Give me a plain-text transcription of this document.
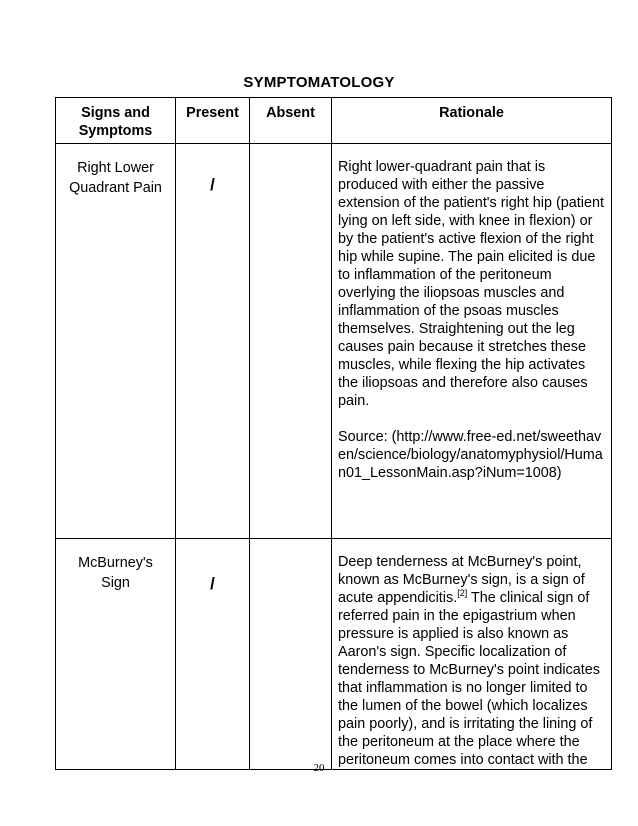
SYMPTOMATOLOGY
Signs and Symptoms	Present	Absent	Rationale
Right Lower Quadrant Pain	/		Right lower-quadrant pain that is produced with either the passive extension of the patient's right hip (patient lying on left side, with knee in flexion) or by the patient's active flexion of the right hip while supine. The pain elicited is due to inflammation of the peritoneum overlying the iliopsoas muscles and inflammation of the psoas muscles themselves. Straightening out the leg causes pain because it stretches these muscles, while flexing the hip activates the iliopsoas and therefore also causes pain.

Source: (http://www.free-ed.net/sweethaven/science/biology/anatomyphysiol/Human01_LessonMain.asp?iNum=1008)

McBurney's Sign	/		Deep tenderness at McBurney's point, known as McBurney's sign, is a sign of acute appendicitis.[2] The clinical sign of referred pain in the epigastrium when pressure is applied is also known as Aaron's sign. Specific localization of tenderness to McBurney's point indicates that inflammation is no longer limited to the lumen of the bowel (which localizes pain poorly), and is irritating the lining of the peritoneum at the place where the peritoneum comes into contact with the

20
